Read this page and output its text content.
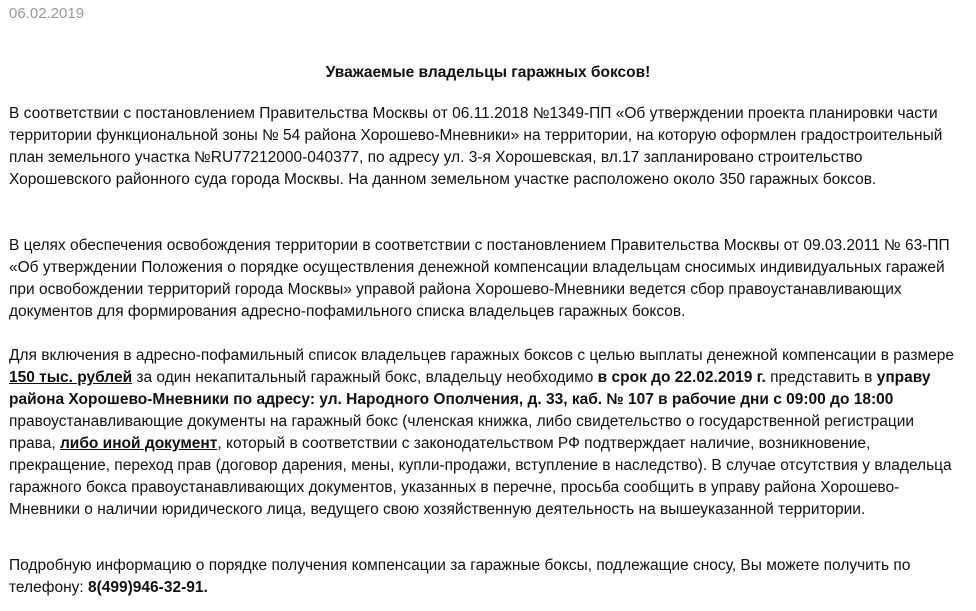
06.02.2019
Уважаемые владельцы гаражных боксов!

В соответствии с постановлением Правительства Москвы от 06.11.2018 №1349-ПП «Об утверждении проекта планировки части территории функциональной зоны № 54 района Хорошево-Мневники» на территории, на которую оформлен градостроительный план земельного участка №RU77212000-040377, по адресу ул. 3-я Хорошевская, вл.17 запланировано строительство Хорошевского районного суда города Москвы. На данном земельном участке расположено около 350 гаражных боксов.

В целях обеспечения освобождения территории в соответствии с постановлением Правительства Москвы от 09.03.2011 № 63-ПП «Об утверждении Положения о порядке осуществления денежной компенсации владельцам сносимых индивидуальных гаражей при освобождении территорий города Москвы» управой района Хорошево-Мневники ведется сбор правоустанавливающих документов для формирования адресно-пофамильного списка владельцев гаражных боксов.

Для включения в адресно-пофамильный список владельцев гаражных боксов с целью выплаты денежной компенсации в размере 150 тыс. рублей за один некапитальный гаражный бокс, владельцу необходимо в срок до 22.02.2019 г. представить в управу района Хорошево-Мневники по адресу: ул. Народного Ополчения, д. 33, каб. № 107 в рабочие дни с 09:00 до 18:00 правоустанавливающие документы на гаражный бокс (членская книжка, либо свидетельство о государственной регистрации права, либо иной документ, который в соответствии с законодательством РФ подтверждает наличие, возникновение, прекращение, переход прав (договор дарения, мены, купли-продажи, вступление в наследство). В случае отсутствия у владельца гаражного бокса правоустанавливающих документов, указанных в перечне, просьба сообщить в управу района Хорошево-Мневники о наличии юридического лица, ведущего свою хозяйственную деятельность на вышеуказанной территории.

Подробную информацию о порядке получения компенсации за гаражные боксы, подлежащие сносу, Вы можете получить по телефону: 8(499)946-32-91.
